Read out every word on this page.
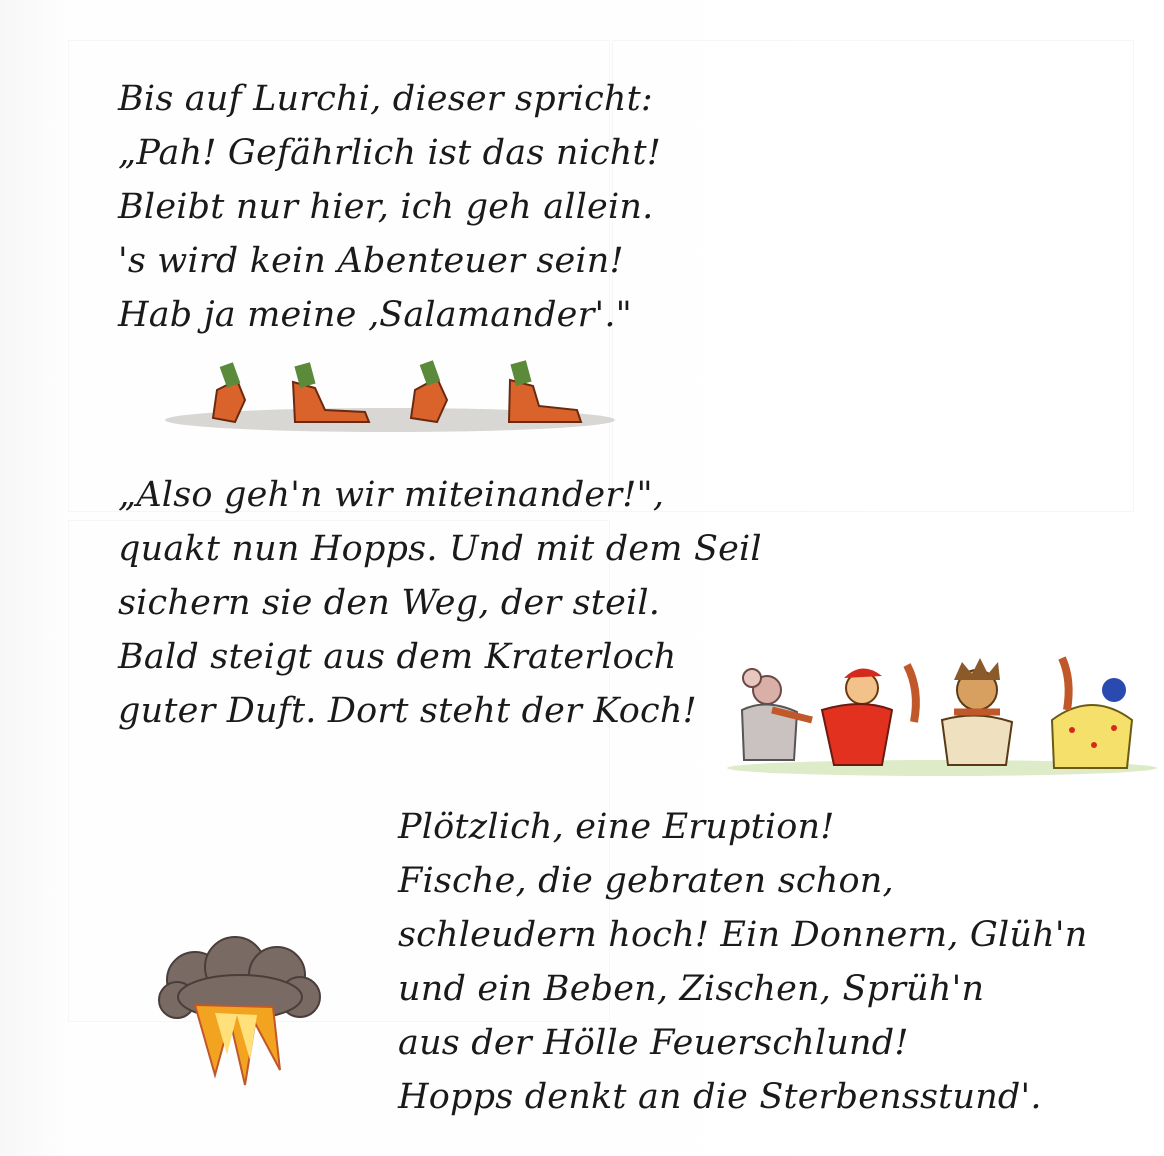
Bis auf Lurchi, dieser spricht:
„Pah! Gefährlich ist das nicht!
Bleibt nur hier, ich geh allein.
's wird kein Abenteuer sein!
Hab ja meine ‚Salamander'."
„Also geh'n wir miteinander!",
quakt nun Hopps. Und mit dem Seil
sichern sie den Weg, der steil.
Bald steigt aus dem Kraterloch
guter Duft. Dort steht der Koch!
Plötzlich, eine Eruption!
Fische, die gebraten schon,
schleudern hoch! Ein Donnern, Glüh'n
und ein Beben, Zischen, Sprüh'n
aus der Hölle Feuerschlund!
Hopps denkt an die Sterbensstund'.
